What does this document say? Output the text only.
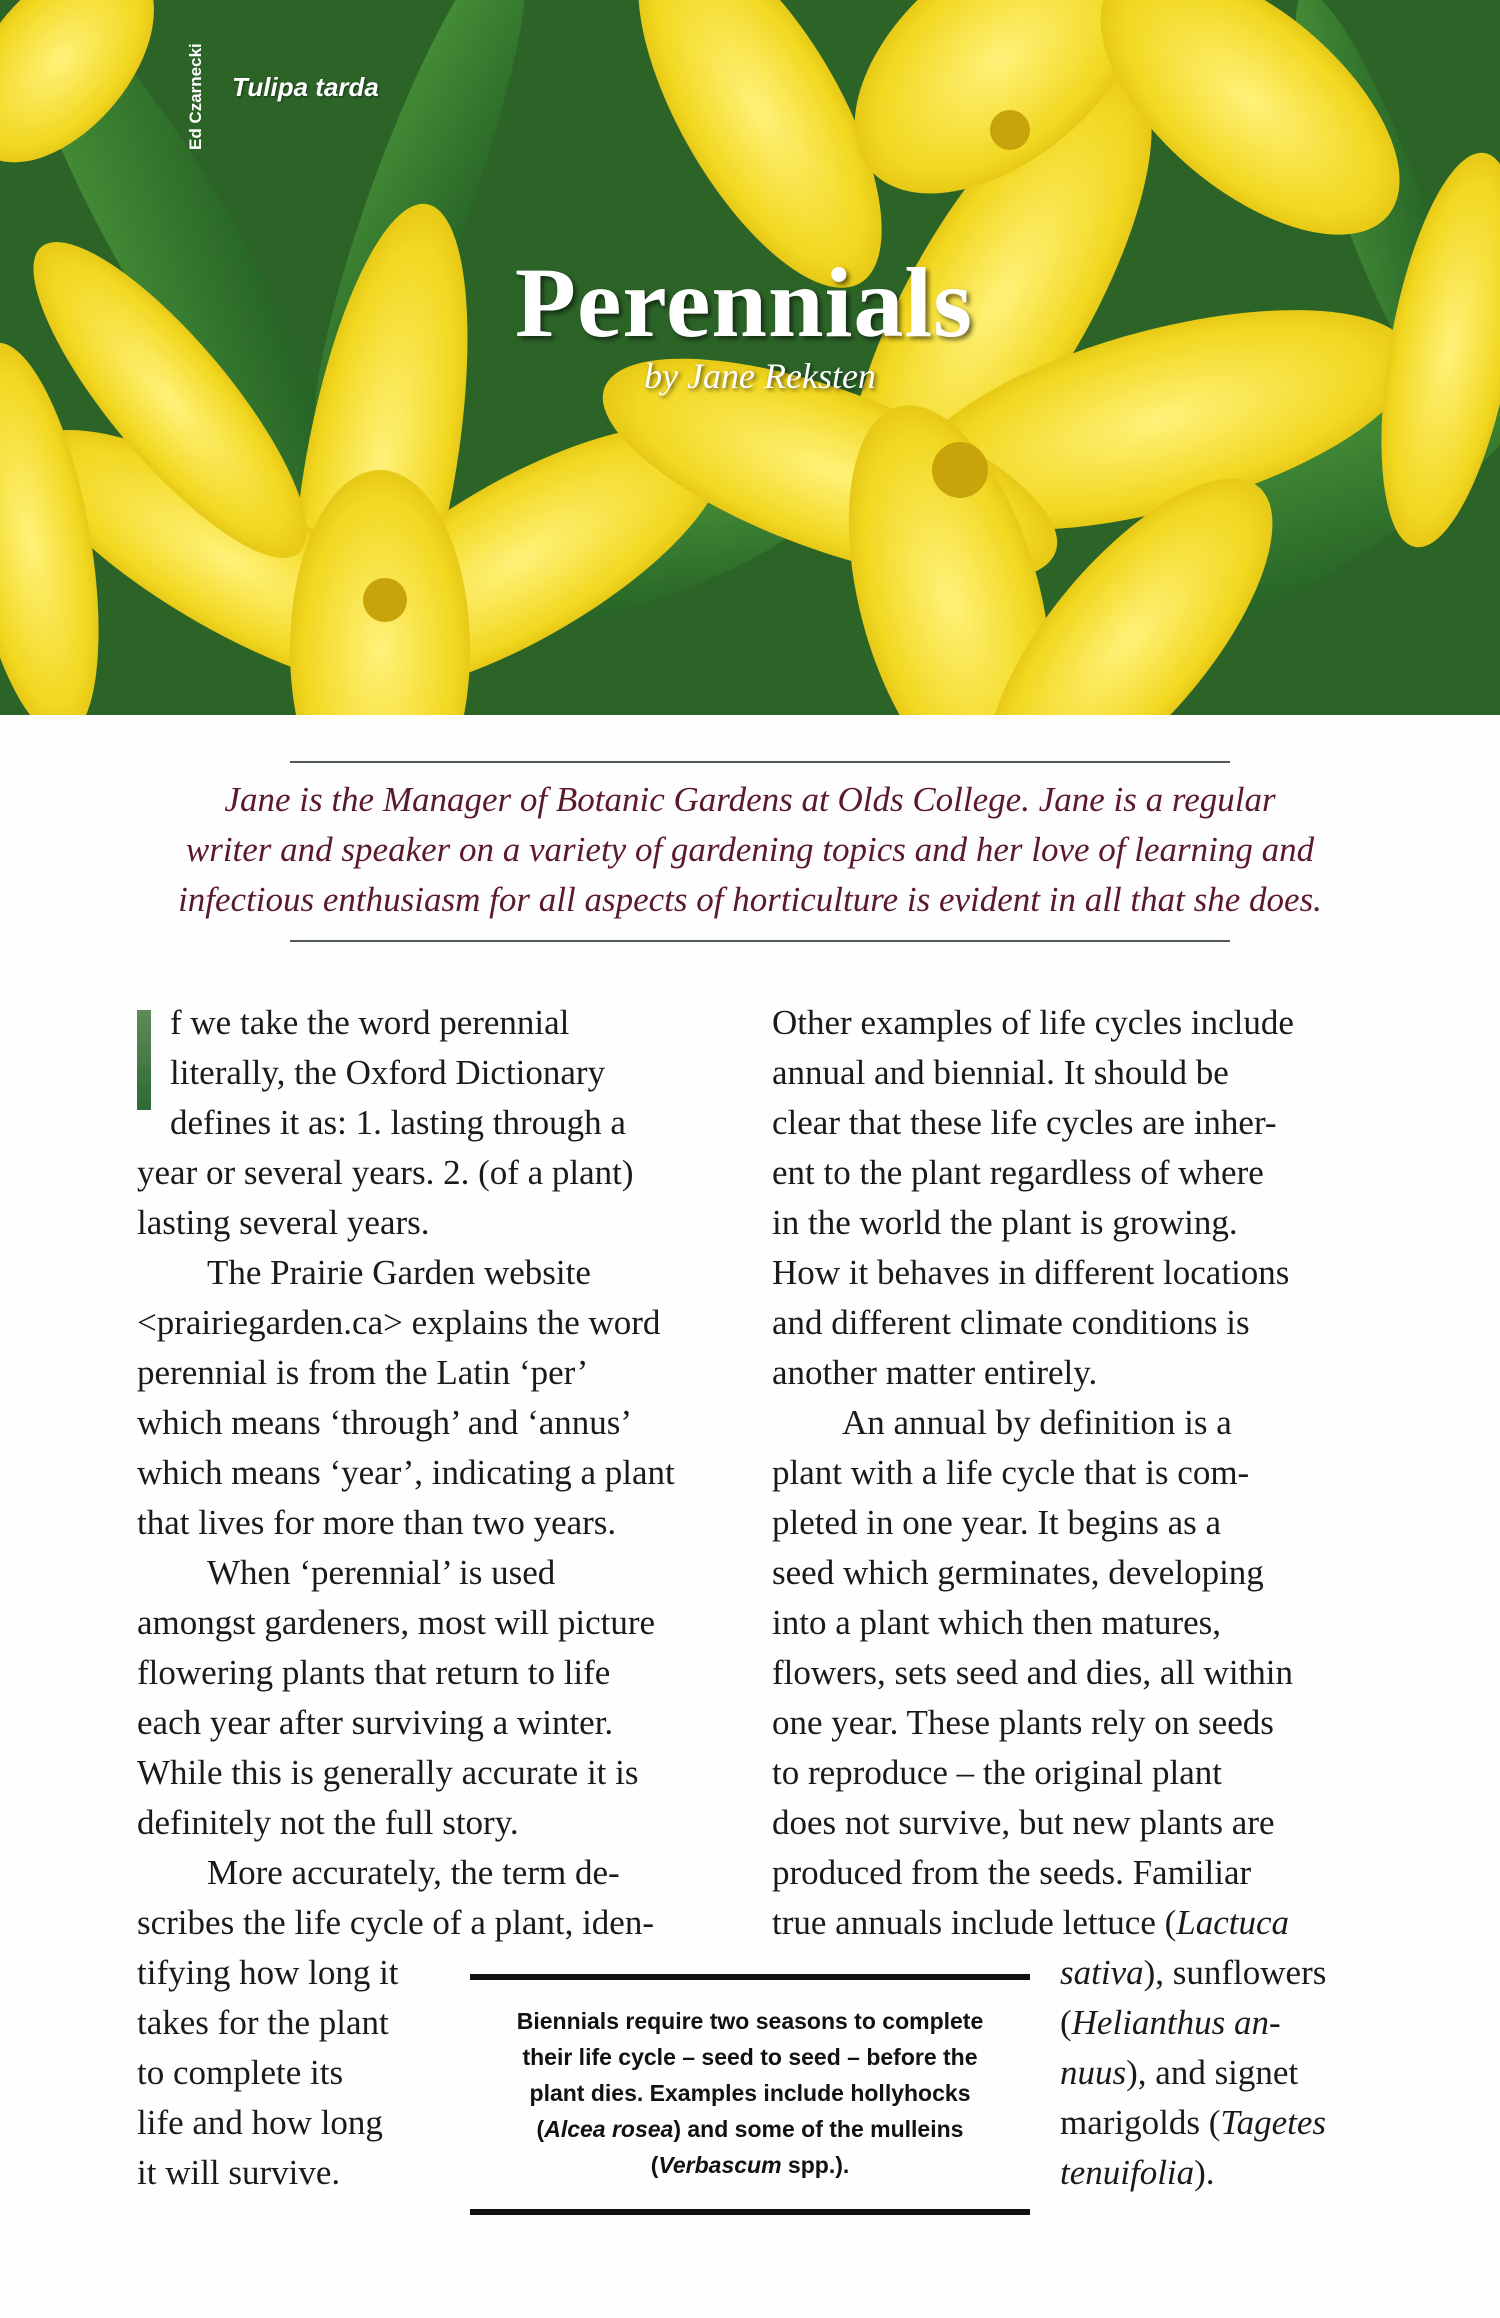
Ed Czarnecki Tulipa tarda
Perennials
by Jane Reksten
Jane is the Manager of Botanic Gardens at Olds College. Jane is a regular
writer and speaker on a variety of gardening topics and her love of learning and
infectious enthusiasm for all aspects of horticulture is evident in all that she does.
f we take the word perennial
literally, the Oxford Dictionary
defines it as: 1. lasting through a
year or several years. 2. (of a plant)
lasting several years.
The Prairie Garden website
<prairiegarden.ca> explains the word
perennial is from the Latin ‘per’
which means ‘through’ and ‘annus’
which means ‘year’, indicating a plant
that lives for more than two years.
When ‘perennial’ is used
amongst gardeners, most will picture
flowering plants that return to life
each year after surviving a winter.
While this is generally accurate it is
definitely not the full story.
More accurately, the term de-
scribes the life cycle of a plant, iden-
tifying how long it
takes for the plant
to complete its
life and how long
it will survive.
Other examples of life cycles include
annual and biennial. It should be
clear that these life cycles are inher-
ent to the plant regardless of where
in the world the plant is growing.
How it behaves in different locations
and different climate conditions is
another matter entirely.
An annual by definition is a
plant with a life cycle that is com-
pleted in one year. It begins as a
seed which germinates, developing
into a plant which then matures,
flowers, sets seed and dies, all within
one year. These plants rely on seeds
to reproduce – the original plant
does not survive, but new plants are
produced from the seeds. Familiar
true annuals include lettuce (Lactuca
sativa), sunflowers
(Helianthus an-
nuus), and signet
marigolds (Tagetes
tenuifolia).
Biennials require two seasons to complete
their life cycle – seed to seed – before the
plant dies. Examples include hollyhocks
(Alcea rosea) and some of the mulleins
(Verbascum spp.).
